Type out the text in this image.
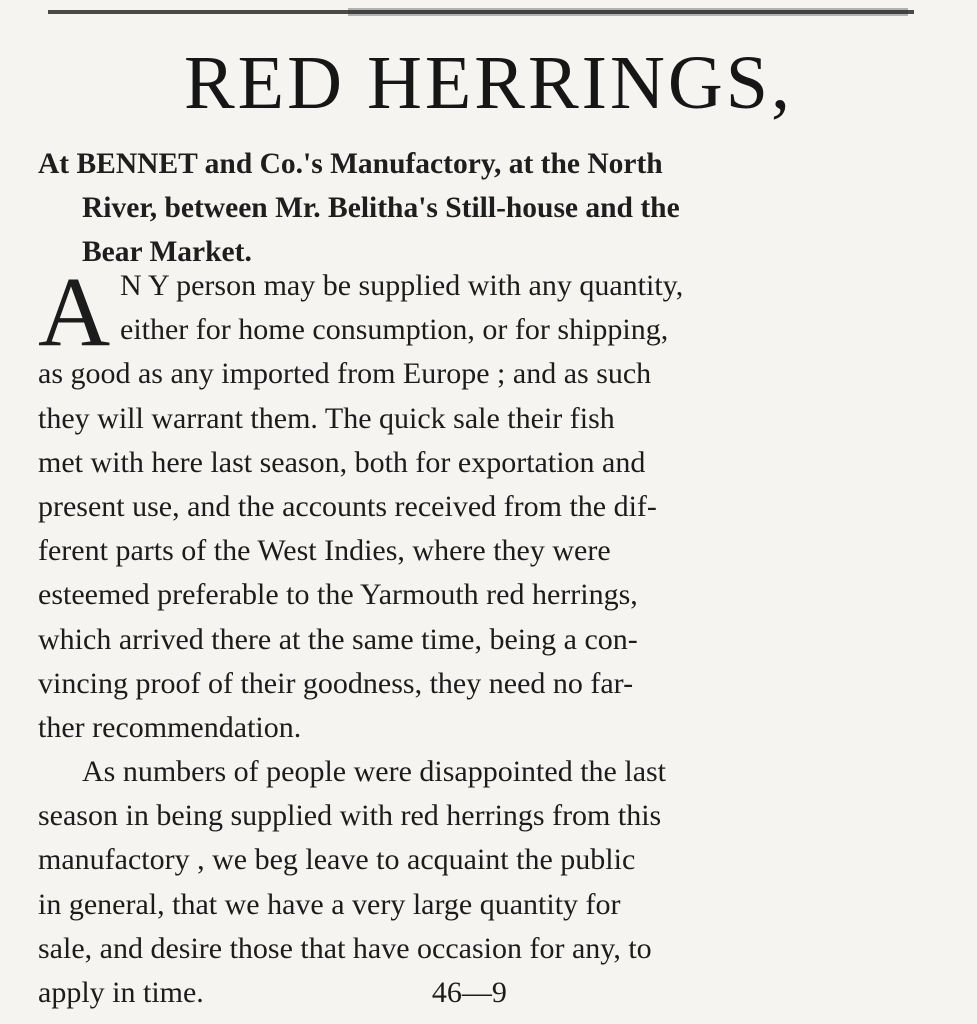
RED HERRINGS,
At BENNET and Co.'s Manufactory, at the North
River, between Mr. Belitha's Still-house and the
Bear Market.
A N Y person may be supplied with any quantity,
either for home consumption, or for shipping,
as good as any imported from Europe ; and as such
they will warrant them. The quick sale their fish
met with here last season, both for exportation and
present use, and the accounts received from the dif-
ferent parts of the West Indies, where they were
esteemed preferable to the Yarmouth red herrings,
which arrived there at the same time, being a con-
vincing proof of their goodness, they need no far-
ther recommendation.
As numbers of people were disappointed the last
season in being supplied with red herrings from this
manufactory , we beg leave to acquaint the public
in general, that we have a very large quantity for
sale, and desire those that have occasion for any, to
apply in time.	46—9
